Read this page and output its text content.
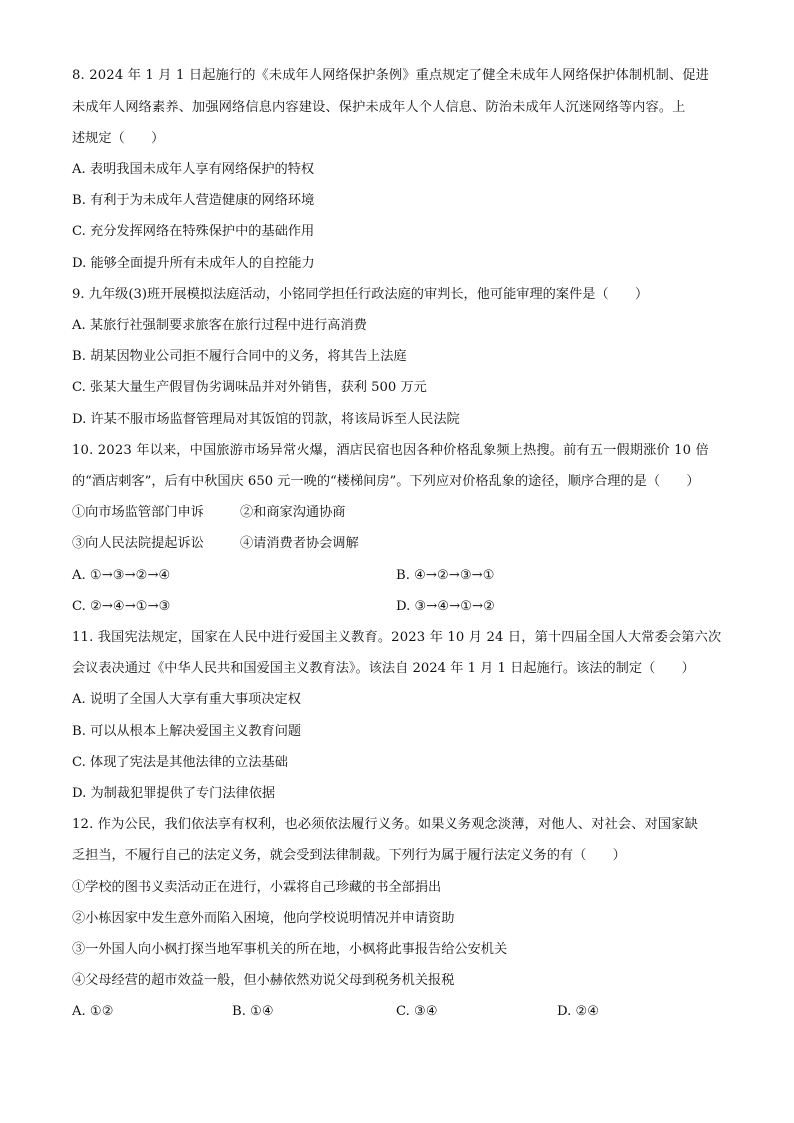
8. 2024 年 1 月 1 日起施行的《未成年人网络保护条例》重点规定了健全未成年人网络保护体制机制、促进
未成年人网络素养、加强网络信息内容建设、保护未成年人个人信息、防治未成年人沉迷网络等内容。上
述规定（　　）
A. 表明我国未成年人享有网络保护的特权
B. 有利于为未成年人营造健康的网络环境
C. 充分发挥网络在特殊保护中的基础作用
D. 能够全面提升所有未成年人的自控能力
9. 九年级(3)班开展模拟法庭活动，小铭同学担任行政法庭的审判长，他可能审理的案件是（　　）
A. 某旅行社强制要求旅客在旅行过程中进行高消费
B. 胡某因物业公司拒不履行合同中的义务，将其告上法庭
C. 张某大量生产假冒伪劣调味品并对外销售，获利 500 万元
D. 许某不服市场监督管理局对其饭馆的罚款，将该局诉至人民法院
10. 2023 年以来，中国旅游市场异常火爆，酒店民宿也因各种价格乱象频上热搜。前有五一假期涨价 10 倍
的“酒店刺客”，后有中秋国庆 650 元一晚的“楼梯间房”。下列应对价格乱象的途径，顺序合理的是（　　）
①向市场监管部门申诉	②和商家沟通协商
③向人民法院提起诉讼	④请消费者协会调解
A. ①→③→②→④	B. ④→②→③→①
C. ②→④→①→③	D. ③→④→①→②
11. 我国宪法规定，国家在人民中进行爱国主义教育。2023 年 10 月 24 日，第十四届全国人大常委会第六次
会议表决通过《中华人民共和国爱国主义教育法》。该法自 2024 年 1 月 1 日起施行。该法的制定（　　）
A. 说明了全国人大享有重大事项决定权
B. 可以从根本上解决爱国主义教育问题
C. 体现了宪法是其他法律的立法基础
D. 为制裁犯罪提供了专门法律依据
12. 作为公民，我们依法享有权利，也必须依法履行义务。如果义务观念淡薄，对他人、对社会、对国家缺
乏担当，不履行自己的法定义务，就会受到法律制裁。下列行为属于履行法定义务的有（　　）
①学校的图书义卖活动正在进行，小霖将自己珍藏的书全部捐出
②小栋因家中发生意外而陷入困境，他向学校说明情况并申请资助
③一外国人向小枫打探当地军事机关的所在地，小枫将此事报告给公安机关
④父母经营的超市效益一般，但小赫依然劝说父母到税务机关报税
A. ①②	B. ①④	C. ③④	D. ②④
